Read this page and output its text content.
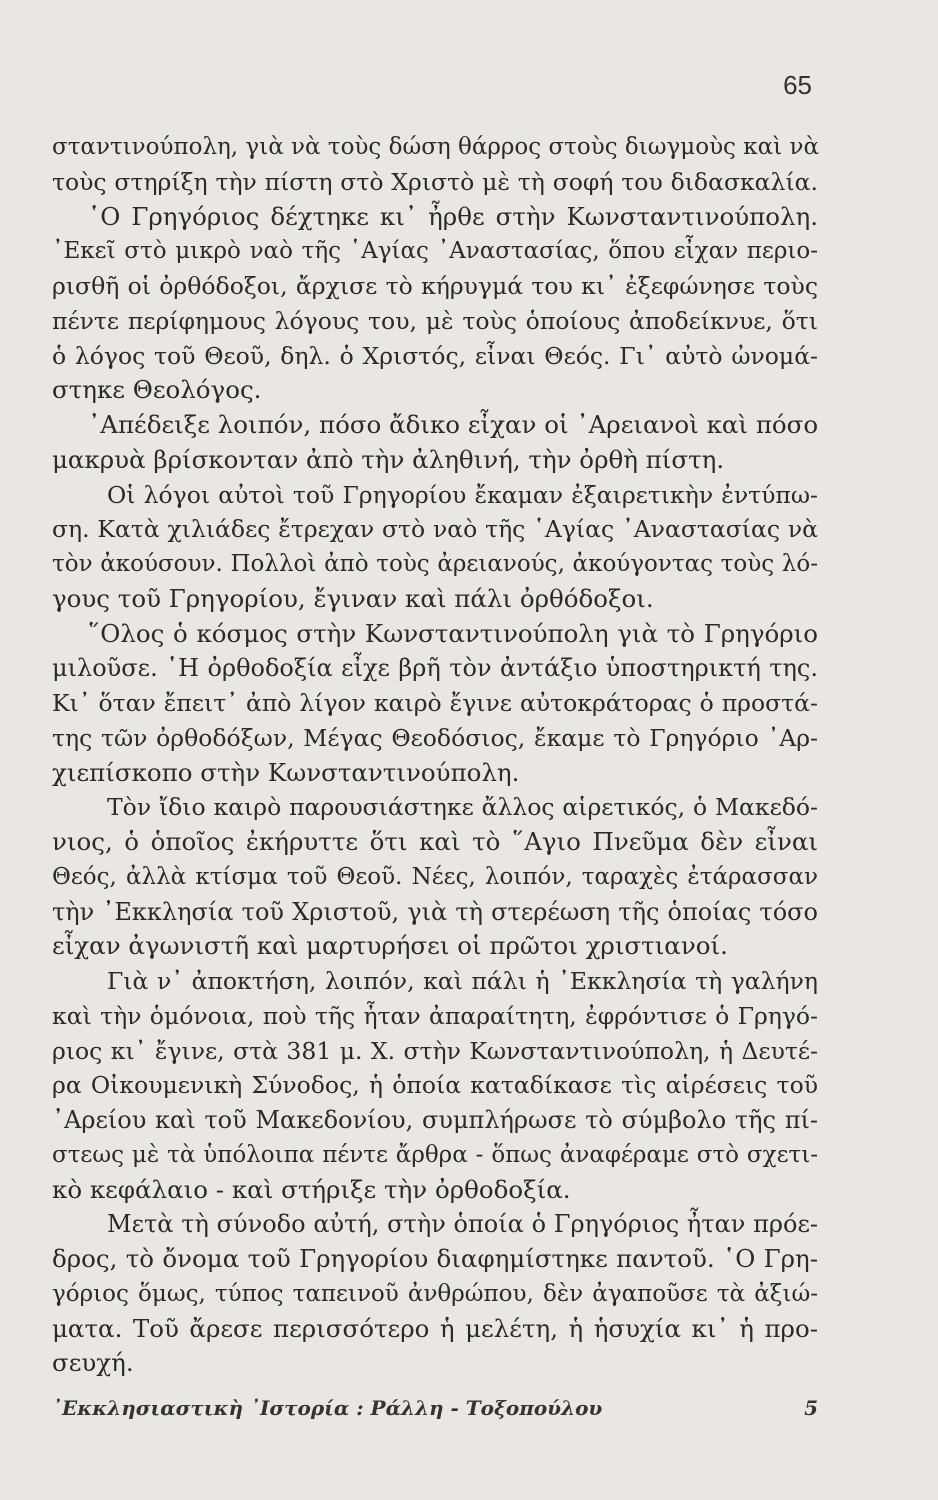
65
σταντινούπολη, γιὰ νὰ τοὺς δώση θάρρος στοὺς διωγμοὺς καὶ νὰ
τοὺς στηρίξη τὴν πίστη στὸ Χριστὸ μὲ τὴ σοφή του διδασκαλία.
῾Ο Γρηγόριος δέχτηκε κι᾿ ἦρθε στὴν Κωνσταντινούπολη.
᾿Εκεῖ στὸ μικρὸ ναὸ τῆς ῾Αγίας ᾿Αναστασίας, ὅπου εἶχαν περιο-
ρισθῆ οἱ ὀρθόδοξοι, ἄρχισε τὸ κήρυγμά του κι᾿ ἐξεφώνησε τοὺς
πέντε περίφημους λόγους του, μὲ τοὺς ὁποίους ἀποδείκνυε, ὅτι
ὁ λόγος τοῦ Θεοῦ, δηλ. ὁ Χριστός, εἶναι Θεός. Γι᾿ αὐτὸ ὠνομά-
στηκε Θεολόγος.
᾿Απέδειξε λοιπόν, πόσο ἄδικο εἶχαν οἱ ᾿Αρειανοὶ καὶ πόσο
μακρυὰ βρίσκονταν ἀπὸ τὴν ἀληθινή, τὴν ὀρθὴ πίστη.
Οἱ λόγοι αὐτοὶ τοῦ Γρηγορίου ἔκαμαν ἐξαιρετικὴν ἐντύπω-
ση. Κατὰ χιλιάδες ἔτρεχαν στὸ ναὸ τῆς ῾Αγίας ᾿Αναστασίας νὰ
τὸν ἀκούσουν. Πολλοὶ ἀπὸ τοὺς ἀρειανούς, ἀκούγοντας τοὺς λό-
γους τοῦ Γρηγορίου, ἔγιναν καὶ πάλι ὀρθόδοξοι.
῞Ολος ὁ κόσμος στὴν Κωνσταντινούπολη γιὰ τὸ Γρηγόριο
μιλοῦσε. ῾Η ὀρθοδοξία εἶχε βρῆ τὸν ἀντάξιο ὑποστηρικτή της.
Κι᾿ ὅταν ἔπειτ᾿ ἀπὸ λίγον καιρὸ ἔγινε αὐτοκράτορας ὁ προστά-
της τῶν ὀρθοδόξων, Μέγας Θεοδόσιος, ἔκαμε τὸ Γρηγόριο ᾿Αρ-
χιεπίσκοπο στὴν Κωνσταντινούπολη.
Τὸν ἴδιο καιρὸ παρουσιάστηκε ἄλλος αἱρετικός, ὁ Μακεδό-
νιος, ὁ ὁποῖος ἐκήρυττε ὅτι καὶ τὸ ῞Αγιο Πνεῦμα δὲν εἶναι
Θεός, ἀλλὰ κτίσμα τοῦ Θεοῦ. Νέες, λοιπόν, ταραχὲς ἐτάρασσαν
τὴν ᾿Εκκλησία τοῦ Χριστοῦ, γιὰ τὴ στερέωση τῆς ὁποίας τόσο
εἶχαν ἀγωνιστῆ καὶ μαρτυρήσει οἱ πρῶτοι χριστιανοί.
Γιὰ ν᾿ ἀποκτήση, λοιπόν, καὶ πάλι ἡ ᾿Εκκλησία τὴ γαλήνη
καὶ τὴν ὁμόνοια, ποὺ τῆς ἦταν ἀπαραίτητη, ἐφρόντισε ὁ Γρηγό-
ριος κι᾿ ἔγινε, στὰ 381 μ. Χ. στὴν Κωνσταντινούπολη, ἡ Δευτέ-
ρα Οἰκουμενικὴ Σύνοδος, ἡ ὁποία καταδίκασε τὶς αἱρέσεις τοῦ
᾿Αρείου καὶ τοῦ Μακεδονίου, συμπλήρωσε τὸ σύμβολο τῆς πί-
στεως μὲ τὰ ὑπόλοιπα πέντε ἄρθρα - ὅπως ἀναφέραμε στὸ σχετι-
κὸ κεφάλαιο - καὶ στήριξε τὴν ὀρθοδοξία.
Μετὰ τὴ σύνοδο αὐτή, στὴν ὁποία ὁ Γρηγόριος ἦταν πρόε-
δρος, τὸ ὄνομα τοῦ Γρηγορίου διαφημίστηκε παντοῦ. ῾Ο Γρη-
γόριος ὅμως, τύπος ταπεινοῦ ἀνθρώπου, δὲν ἀγαποῦσε τὰ ἀξιώ-
ματα. Τοῦ ἄρεσε περισσότερο ἡ μελέτη, ἡ ἡσυχία κι᾿ ἡ προ-
σευχή.
᾿Εκκλησιαστικὴ ᾿Ιστορία : Ράλλη - Τοξοπούλου	5
